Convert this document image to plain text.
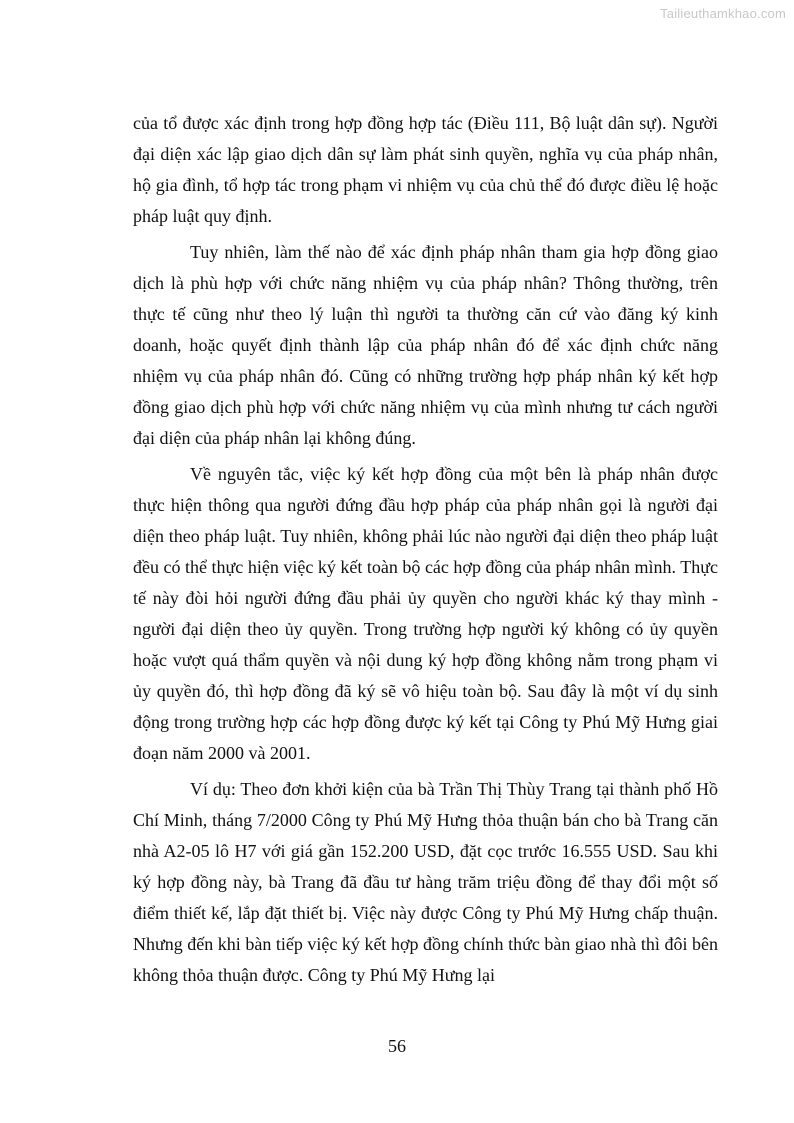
Tailieuthamkhao.com

của tổ được xác định trong hợp đồng hợp tác (Điều 111, Bộ luật dân sự). Người đại diện xác lập giao dịch dân sự làm phát sinh quyền, nghĩa vụ của pháp nhân, hộ gia đình, tổ hợp tác trong phạm vi nhiệm vụ của chủ thể đó được điều lệ hoặc pháp luật quy định.

Tuy nhiên, làm thế nào để xác định pháp nhân tham gia hợp đồng giao dịch là phù hợp với chức năng nhiệm vụ của pháp nhân? Thông thường, trên thực tế cũng như theo lý luận thì người ta thường căn cứ vào đăng ký kinh doanh, hoặc quyết định thành lập của pháp nhân đó để xác định chức năng nhiệm vụ của pháp nhân đó. Cũng có những trường hợp pháp nhân ký kết hợp đồng giao dịch phù hợp với chức năng nhiệm vụ của mình nhưng tư cách người đại diện của pháp nhân lại không đúng.

Về nguyên tắc, việc ký kết hợp đồng của một bên là pháp nhân được thực hiện thông qua người đứng đầu hợp pháp của pháp nhân gọi là người đại diện theo pháp luật. Tuy nhiên, không phải lúc nào người đại diện theo pháp luật đều có thể thực hiện việc ký kết toàn bộ các hợp đồng của pháp nhân mình. Thực tế này đòi hỏi người đứng đầu phải ủy quyền cho người khác ký thay mình - người đại diện theo ủy quyền. Trong trường hợp người ký không có ủy quyền hoặc vượt quá thẩm quyền và nội dung ký hợp đồng không nằm trong phạm vi ủy quyền đó, thì hợp đồng đã ký sẽ vô hiệu toàn bộ. Sau đây là một ví dụ sinh động trong trường hợp các hợp đồng được ký kết tại Công ty Phú Mỹ Hưng giai đoạn năm 2000 và 2001.

Ví dụ: Theo đơn khởi kiện của bà Trần Thị Thùy Trang tại thành phố Hồ Chí Minh, tháng 7/2000 Công ty Phú Mỹ Hưng thỏa thuận bán cho bà Trang căn nhà A2-05 lô H7 với giá gần 152.200 USD, đặt cọc trước 16.555 USD. Sau khi ký hợp đồng này, bà Trang đã đầu tư hàng trăm triệu đồng để thay đổi một số điểm thiết kế, lắp đặt thiết bị. Việc này được Công ty Phú Mỹ Hưng chấp thuận. Nhưng đến khi bàn tiếp việc ký kết hợp đồng chính thức bàn giao nhà thì đôi bên không thỏa thuận được. Công ty Phú Mỹ Hưng lại

56
